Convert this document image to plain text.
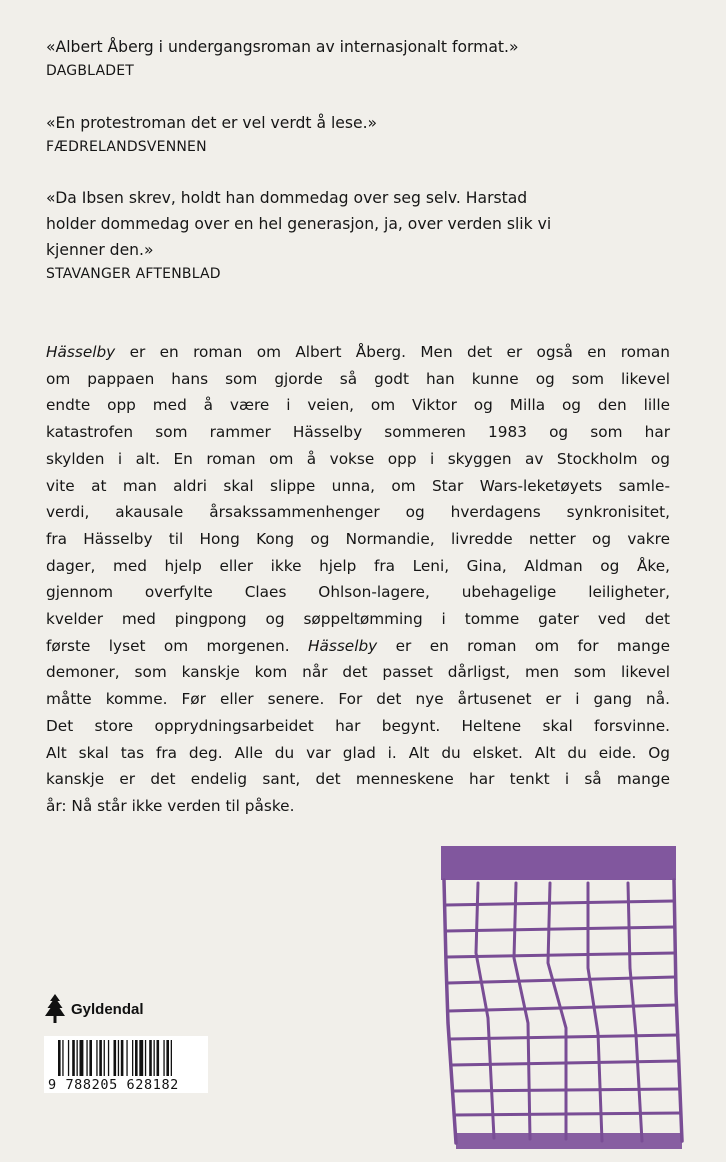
«Albert Åberg i undergangsroman av internasjonalt format.»

DAGBLADET

«En protestroman det er vel verdt å lese.»

FÆDRELANDSVENNEN

«Da Ibsen skrev, holdt han dommedag over seg selv. Harstad
holder dommedag over en hel generasjon, ja, over verden slik vi
kjenner den.»

STAVANGER AFTENBLAD

Hässelby er en roman om Albert Åberg. Men det er også en roman
om pappaen hans som gjorde så godt han kunne og som likevel
endte opp med å være i veien, om Viktor og Milla og den lille
katastrofen som rammer Hässelby sommeren 1983 og som har
skylden i alt. En roman om å vokse opp i skyggen av Stockholm og
vite at man aldri skal slippe unna, om Star Wars-leketøyets samle-
verdi, akausale årsakssammenhenger og hverdagens synkronisitet,
fra Hässelby til Hong Kong og Normandie, livredde netter og vakre
dager, med hjelp eller ikke hjelp fra Leni, Gina, Aldman og Åke,
gjennom overfylte Claes Ohlson-lagere, ubehagelige leiligheter,
kvelder med pingpong og søppeltømming i tomme gater ved det
første lyset om morgenen. Hässelby er en roman om for mange
demoner, som kanskje kom når det passet dårligst, men som likevel
måtte komme. Før eller senere. For det nye årtusenet er i gang nå.
Det store opprydningsarbeidet har begynt. Heltene skal forsvinne.
Alt skal tas fra deg. Alle du var glad i. Alt du elsket. Alt du eide. Og
kanskje er det endelig sant, det menneskene har tenkt i så mange
år: Nå står ikke verden til påske.
Gyldendal
9 788205 628182
